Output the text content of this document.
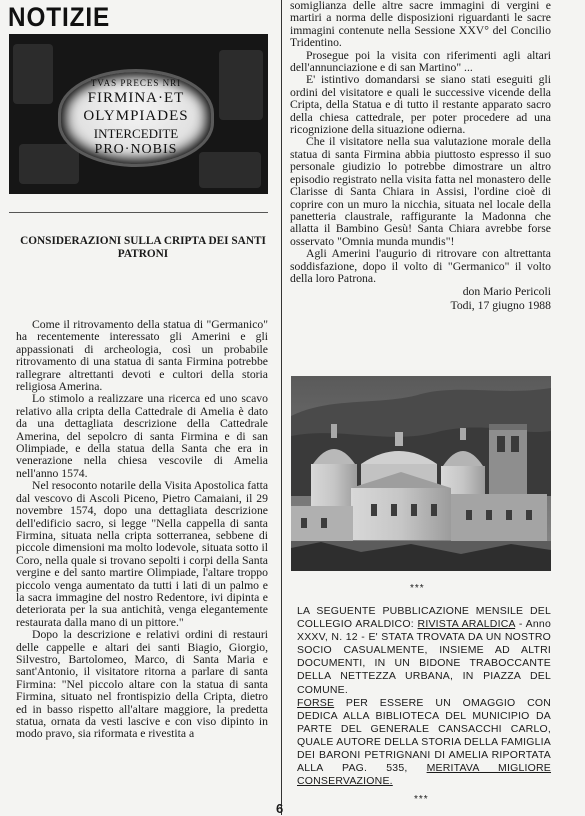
NOTIZIE
TVAS PRECES NRI
FIRMINA·ET
OLYMPIADES
INTERCEDITE
PRO·NOBIS
CONSIDERAZIONI SULLA CRIPTA DEI SANTI PATRONI

Come il ritrovamento della statua di "Germanico" ha recentemente interessato gli Amerini e gli appassionati di archeologia, così un probabile ritrovamento di una statua di santa Firmina potrebbe rallegrare altrettanti devoti e cultori della storia religiosa Amerina.

Lo stimolo a realizzare una ricerca ed uno scavo relativo alla cripta della Cattedrale di Amelia è dato da una dettagliata descrizione della Cattedrale Amerina, del sepolcro di santa Firmina e di san Olimpiade, e della statua della Santa che era in venerazione nella chiesa vescovile di Amelia nell'anno 1574.

Nel resoconto notarile della Visita Apostolica fatta dal vescovo di Ascoli Piceno, Pietro Camaiani, il 29 novembre 1574, dopo una dettagliata descrizione dell'edificio sacro, si legge "Nella cappella di santa Firmina, situata nella cripta sotterranea, sebbene di piccole dimensioni ma molto lodevole, situata sotto il Coro, nella quale si trovano sepolti i corpi della Santa vergine e del santo martire Olimpiade, l'altare troppo piccolo venga aumentato da tutti i lati di un palmo e la sacra immagine del nostro Redentore, ivi dipinta e deteriorata per la sua antichità, venga elegantemente restaurata dalla mano di un pittore."

Dopo la descrizione e relativi ordini di restauri delle cappelle e altari dei santi Biagio, Giorgio, Silvestro, Bartolomeo, Marco, di Santa Maria e sant'Antonio, il visitatore ritorna a parlare di santa Firmina: "Nel piccolo altare con la statua di santa Firmina, situato nel frontispizio della Cripta, dietro ed in basso rispetto all'altare maggiore, la predetta statua, ornata da vesti lascive e con viso dipinto in modo pravo, sia riformata e rivestita a

somiglianza delle altre sacre immagini di vergini e martiri a norma delle disposizioni riguardanti le sacre immagini contenute nella Sessione XXV° del Concilio Tridentino.

Prosegue poi la visita con riferimenti agli altari dell'annunciazione e di san Martino" ...

E' istintivo domandarsi se siano stati eseguiti gli ordini del visitatore e quali le successive vicende della Cripta, della Statua e di tutto il restante apparato sacro della chiesa cattedrale, per poter procedere ad una ricognizione della situazione odierna.

Che il visitatore nella sua valutazione morale della statua di santa Firmina abbia piuttosto espresso il suo personale giudizio lo potrebbe dimostrare un altro episodio registrato nella visita fatta nel monastero delle Clarisse di Santa Chiara in Assisi, l'ordine cioè di coprire con un muro la nicchia, situata nel locale della panetteria claustrale, raffigurante la Madonna che allatta il Bambino Gesù! Santa Chiara avrebbe forse osservato "Omnia munda mundis"!

Agli Amerini l'augurio di ritrovare con altrettanta soddisfazione, dopo il volto di "Germanico" il volto della loro Patrona.

don Mario Pericoli
Todi, 17 giugno 1988
***
LA SEGUENTE PUBBLICAZIONE MENSILE DEL COLLEGIO ARALDICO: RIVISTA ARALDICA - Anno XXXV, N. 12 - E' STATA TROVATA DA UN NOSTRO SOCIO CASUALMENTE, INSIEME AD ALTRI DOCUMENTI, IN UN BIDONE TRABOCCANTE DELLA NETTEZZA URBANA, IN PIAZZA DEL COMUNE.
FORSE PER ESSERE UN OMAGGIO CON DEDICA ALLA BIBLIOTECA DEL MUNICIPIO DA PARTE DEL GENERALE CANSACCHI CARLO, QUALE AUTORE DELLA STORIA DELLA FAMIGLIA DEI BARONI PETRIGNANI DI AMELIA RIPORTATA ALLA PAG. 535, MERITAVA MIGLIORE CONSERVAZIONE.
***
6
